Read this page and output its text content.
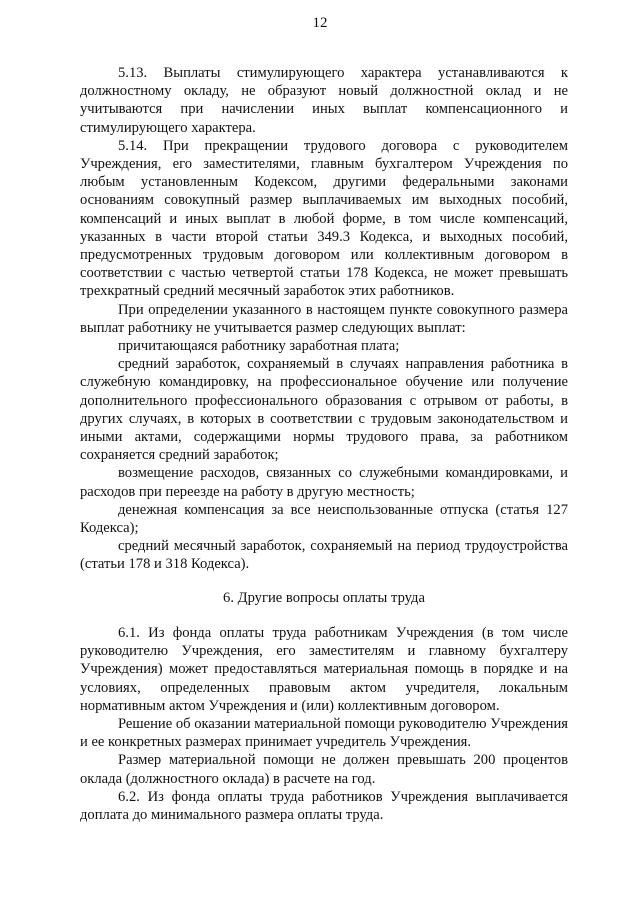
12

5.13. Выплаты стимулирующего характера устанавливаются к должностному окладу, не образуют новый должностной оклад и не учитываются при начислении иных выплат компенсационного и стимулирующего характера.

5.14. При прекращении трудового договора с руководителем Учреждения, его заместителями, главным бухгалтером Учреждения по любым установленным Кодексом, другими федеральными законами основаниям совокупный размер выплачиваемых им выходных пособий, компенсаций и иных выплат в любой форме, в том числе компенсаций, указанных в части второй статьи 349.3 Кодекса, и выходных пособий, предусмотренных трудовым договором или коллективным договором в соответствии с частью четвертой статьи 178 Кодекса, не может превышать трехкратный средний месячный заработок этих работников.

При определении указанного в настоящем пункте совокупного размера выплат работнику не учитывается размер следующих выплат:

причитающаяся работнику заработная плата;

средний заработок, сохраняемый в случаях направления работника в служебную командировку, на профессиональное обучение или получение дополнительного профессионального образования с отрывом от работы, в других случаях, в которых в соответствии с трудовым законодательством и иными актами, содержащими нормы трудового права, за работником сохраняется средний заработок;

возмещение расходов, связанных со служебными командировками, и расходов при переезде на работу в другую местность;

денежная компенсация за все неиспользованные отпуска (статья 127 Кодекса);

средний месячный заработок, сохраняемый на период трудоустройства (статьи 178 и 318 Кодекса).

6. Другие вопросы оплаты труда

6.1. Из фонда оплаты труда работникам Учреждения (в том числе руководителю Учреждения, его заместителям и главному бухгалтеру Учреждения) может предоставляться материальная помощь в порядке и на условиях, определенных правовым актом учредителя, локальным нормативным актом Учреждения и (или) коллективным договором.

Решение об оказании материальной помощи руководителю Учреждения и ее конкретных размерах принимает учредитель Учреждения.

Размер материальной помощи не должен превышать 200 процентов оклада (должностного оклада) в расчете на год.

6.2. Из фонда оплаты труда работников Учреждения выплачивается доплата до минимального размера оплаты труда.
